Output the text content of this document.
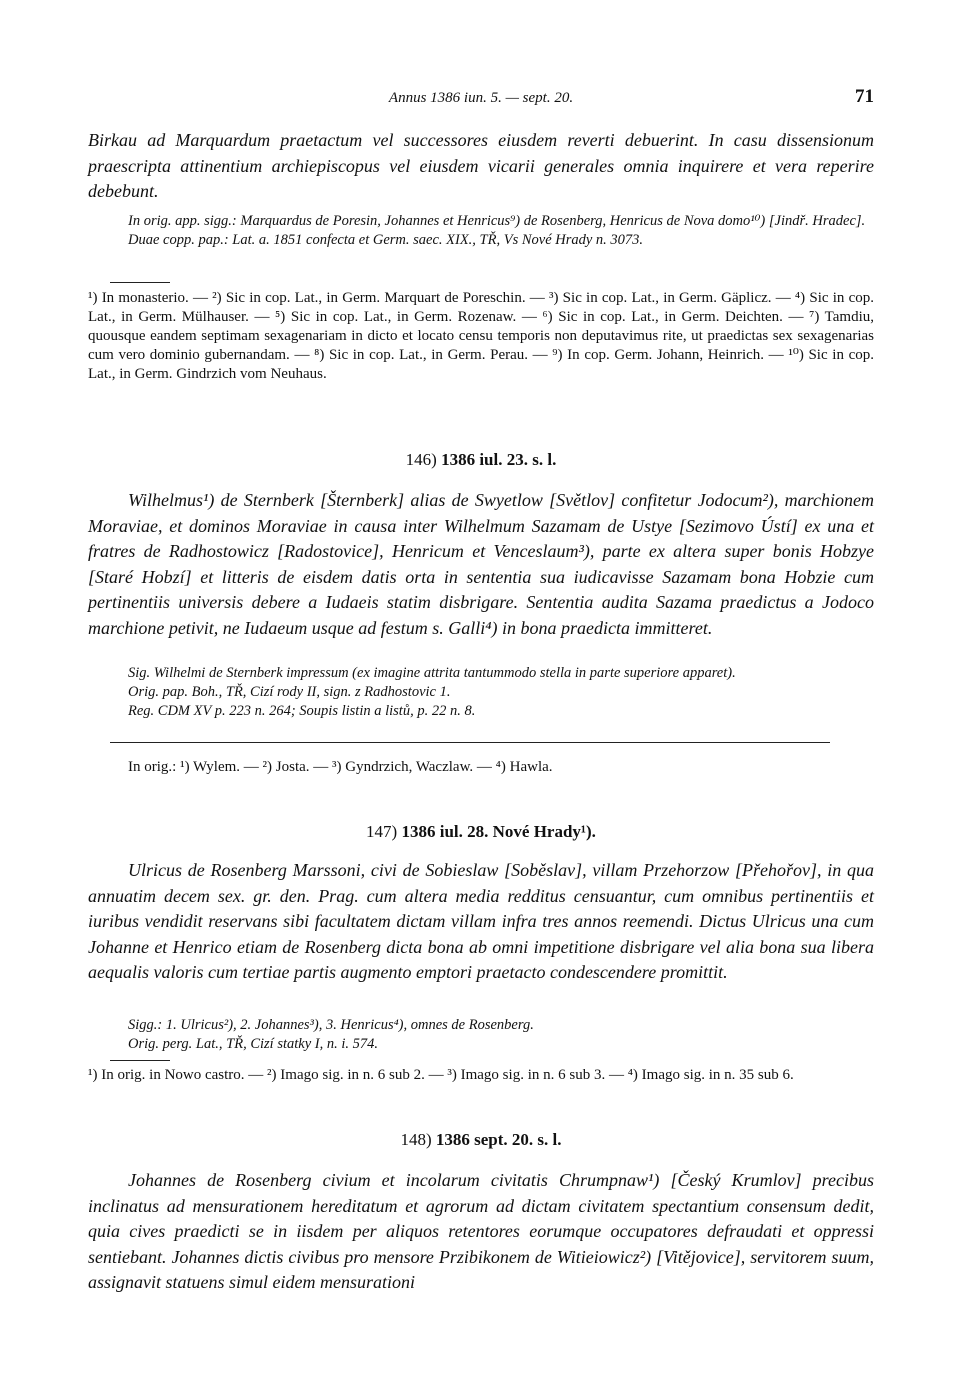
Annus 1386 iun. 5. — sept. 20.	71

Birkau ad Marquardum praetactum vel successores eiusdem reverti debuerint. In casu dissensionum praescripta attinentium archiepiscopus vel eiusdem vicarii generales omnia inquirere et vera reperire debebunt.

In orig. app. sigg.: Marquardus de Poresin, Johannes et Henricus⁹) de Rosenberg, Henricus de Nova domo¹⁰) [Jindř. Hradec].

Duae copp. pap.: Lat. a. 1851 confecta et Germ. saec. XIX., TŘ, Vs Nové Hrady n. 3073.

¹) In monasterio. — ²) Sic in cop. Lat., in Germ. Marquart de Poreschin. — ³) Sic in cop. Lat., in Germ. Gäplicz. — ⁴) Sic in cop. Lat., in Germ. Mülhauser. — ⁵) Sic in cop. Lat., in Germ. Rozenaw. — ⁶) Sic in cop. Lat., in Germ. Deichten. — ⁷) Tamdiu, quousque eandem septimam sexagenariam in dicto et locato censu temporis non deputavimus rite, ut praedictas sex sexagenarias cum vero dominio gubernandam. — ⁸) Sic in cop. Lat., in Germ. Perau. — ⁹) In cop. Germ. Johann, Heinrich. — ¹⁰) Sic in cop. Lat., in Germ. Gindrzich vom Neuhaus.

146) 1386 iul. 23. s. l.

Wilhelmus¹) de Sternberk [Šternberk] alias de Swyetlow [Světlov] confitetur Jodocum²), marchionem Moraviae, et dominos Moraviae in causa inter Wilhelmum Sazamam de Ustye [Sezimovo Ústí] ex una et fratres de Radhostowicz [Radostovice], Henricum et Venceslaum³), parte ex altera super bonis Hobzye [Staré Hobzí] et litteris de eisdem datis orta in sententia sua iudicavisse Sazamam bona Hobzie cum pertinentiis universis debere a Iudaeis statim disbrigare. Sententia audita Sazama praedictus a Jodoco marchione petivit, ne Iudaeum usque ad festum s. Galli⁴) in bona praedicta immitteret.

Sig. Wilhelmi de Sternberk impressum (ex imagine attrita tantummodo stella in parte superiore apparet).

Orig. pap. Boh., TŘ, Cizí rody II, sign. z Radhostovic 1.

Reg. CDM XV p. 223 n. 264; Soupis listin a listů, p. 22 n. 8.

In orig.: ¹) Wylem. — ²) Josta. — ³) Gyndrzich, Waczlaw. — ⁴) Hawla.

147) 1386 iul. 28. Nové Hrady¹).

Ulricus de Rosenberg Marssoni, civi de Sobieslaw [Soběslav], villam Przehorzow [Přehořov], in qua annuatim decem sex. gr. den. Prag. cum altera media redditus censuantur, cum omnibus pertinentiis et iuribus vendidit reservans sibi facultatem dictam villam infra tres annos reemendi. Dictus Ulricus una cum Johanne et Henrico etiam de Rosenberg dicta bona ab omni impetitione disbrigare vel alia bona sua libera aequalis valoris cum tertiae partis augmento emptori praetacto condescendere promittit.

Sigg.: 1. Ulricus²), 2. Johannes³), 3. Henricus⁴), omnes de Rosenberg.

Orig. perg. Lat., TŘ, Cizí statky I, n. i. 574.

¹) In orig. in Nowo castro. — ²) Imago sig. in n. 6 sub 2. — ³) Imago sig. in n. 6 sub 3. — ⁴) Imago sig. in n. 35 sub 6.

148) 1386 sept. 20. s. l.

Johannes de Rosenberg civium et incolarum civitatis Chrumpnaw¹) [Český Krumlov] precibus inclinatus ad mensurationem hereditatum et agrorum ad dictam civitatem spectantium consensum dedit, quia cives praedicti se in iisdem per aliquos retentores eorumque occupatores defraudati et oppressi sentiebant. Johannes dictis civibus pro mensore Przibikonem de Witieiowicz²) [Vitějovice], servitorem suum, assignavit statuens simul eidem mensurationi
